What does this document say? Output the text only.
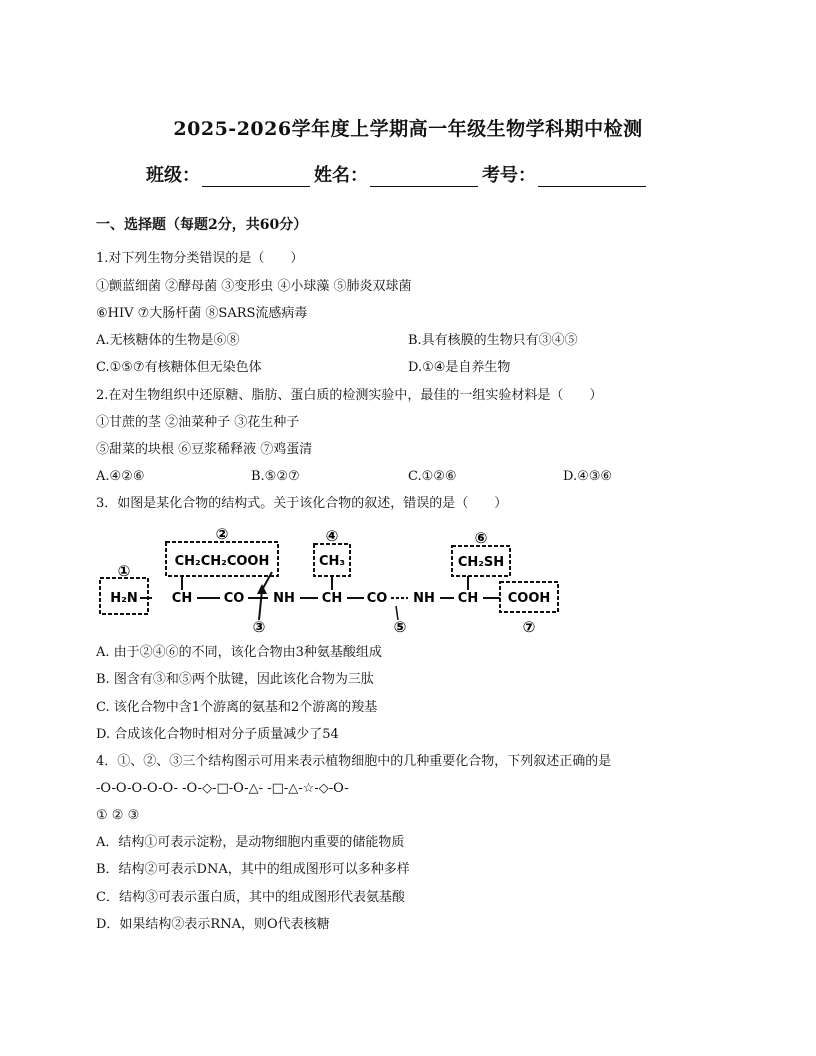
2025-2026学年度上学期高一年级生物学科期中检测
班级：	姓名：	考号：
一、选择题（每题2分，共60分）
1.对下列生物分类错误的是（　　）
①颤蓝细菌 ②酵母菌 ③变形虫 ④小球藻 ⑤肺炎双球菌
⑥HIV ⑦大肠杆菌 ⑧SARS流感病毒
A.无核糖体的生物是⑥⑧	B.具有核膜的生物只有③④⑤
C.①⑤⑦有核糖体但无染色体	D.①④是自养生物
2.在对生物组织中还原糖、脂肪、蛋白质的检测实验中，最佳的一组实验材料是（　　）
①甘蔗的茎 ②油菜种子 ③花生种子
⑤甜菜的块根 ⑥豆浆稀释液 ⑦鸡蛋清
A.④②⑥	B.⑤②⑦	C.①②⑥	D.④③⑥
3．如图是某化合物的结构式。关于该化合物的叙述，错误的是（　　）
①
②	④	⑥
③	⑤	⑦
CH₂CH₂COOH	CH₃	CH₂SH
H₂N	CH CO NH CH CO NH CH COOH
A. 由于②④⑥的不同，该化合物由3种氨基酸组成
B. 图含有③和⑤两个肽键，因此该化合物为三肽
C. 该化合物中含1个游离的氨基和2个游离的羧基
D. 合成该化合物时相对分子质量减少了54
4．①、②、③三个结构图示可用来表示植物细胞中的几种重要化合物，下列叙述正确的是
-O-O-O-O-O- -O-◇-□-O-△- -□-△-☆-◇-O-
① ② ③
A．结构①可表示淀粉，是动物细胞内重要的储能物质
B．结构②可表示DNA，其中的组成图形可以多种多样
C．结构③可表示蛋白质，其中的组成图形代表氨基酸
D．如果结构②表示RNA，则O代表核糖
